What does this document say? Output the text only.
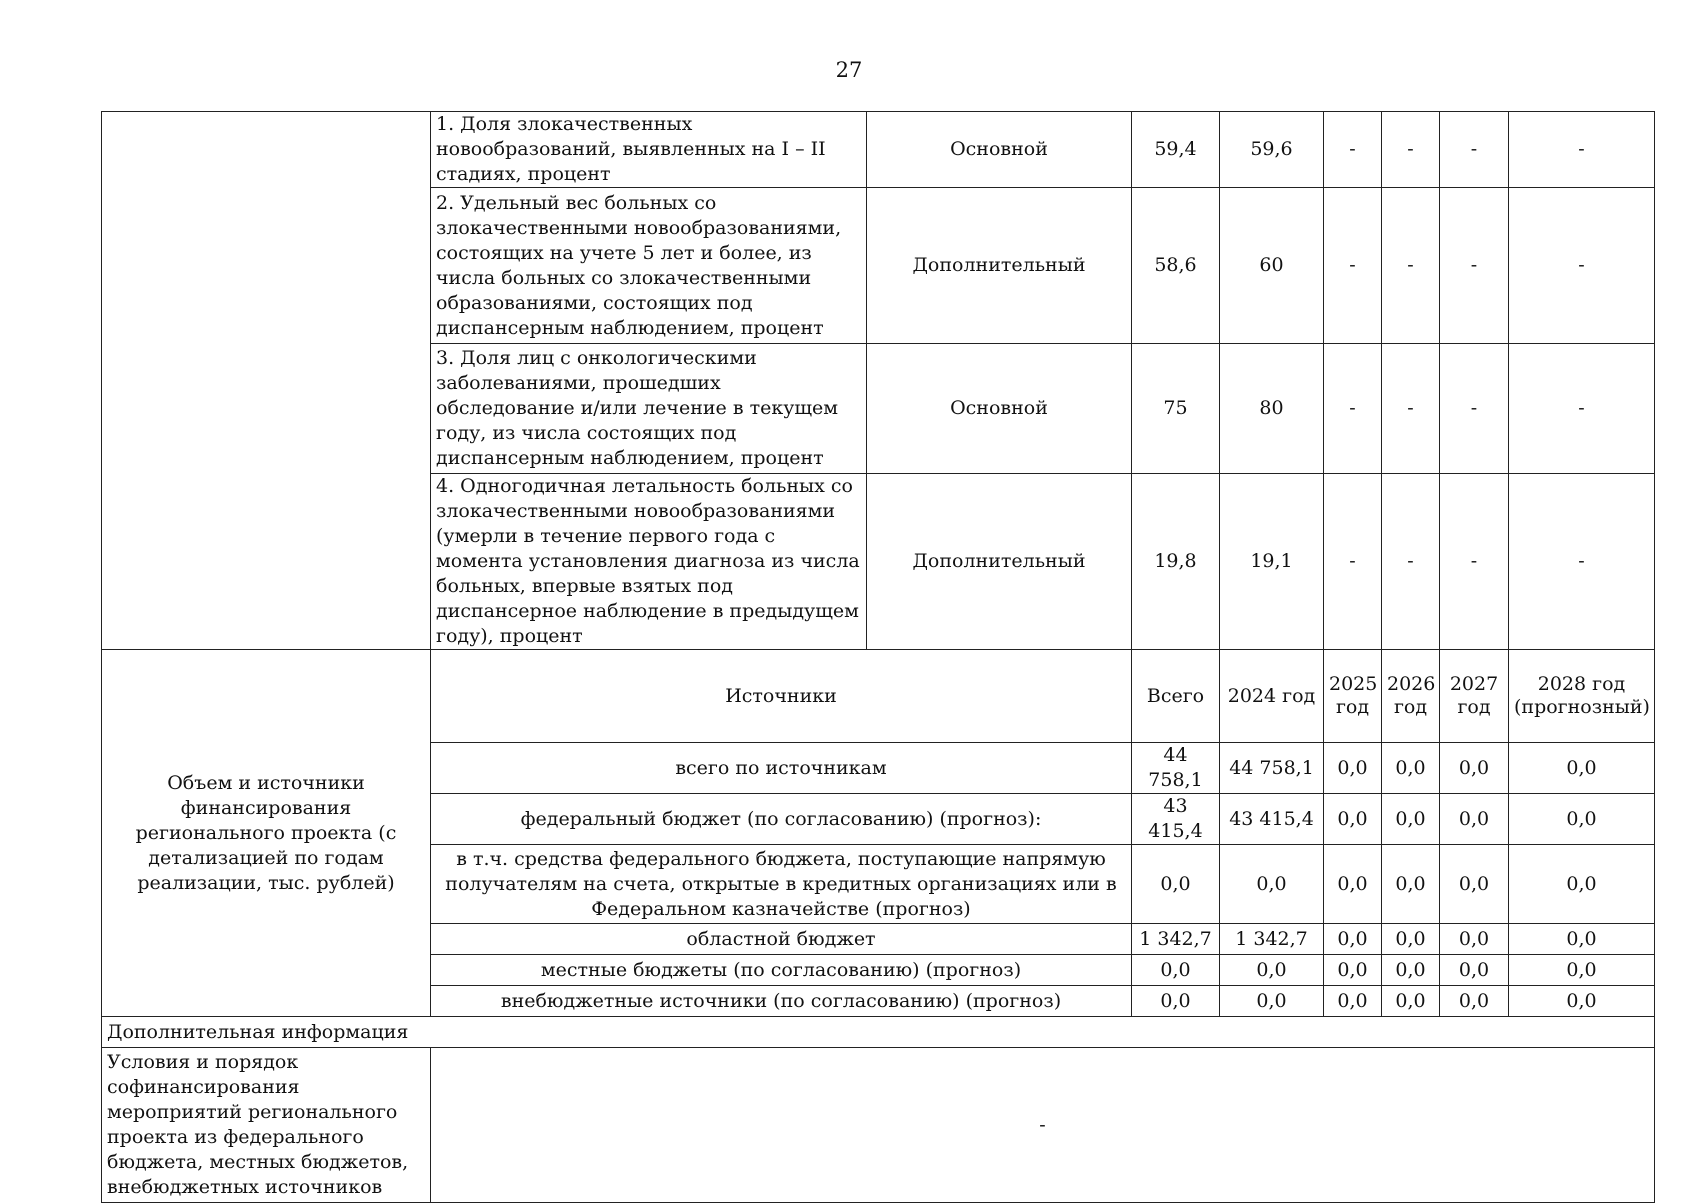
27
	1. Доля злокачественных новообразований, выявленных на I – II стадиях, процент	Основной	59,4	59,6	-	-	-	-
	2. Удельный вес больных со злокачественными новообразованиями, состоящих на учете 5 лет и более, из числа больных со злокачественными образованиями, состоящих под диспансерным наблюдением, процент	Дополнительный	58,6	60	-	-	-	-
	3. Доля лиц с онкологическими заболеваниями, прошедших обследование и/или лечение в текущем году, из числа состоящих под диспансерным наблюдением, процент	Основной	75	80	-	-	-	-
	4. Одногодичная летальность больных со злокачественными новообразованиями (умерли в течение первого года с момента установления диагноза из числа больных, впервые взятых под диспансерное наблюдение в предыдущем году), процент	Дополнительный	19,8	19,1	-	-	-	-
Объем и источники финансирования регионального проекта (с детализацией по годам реализации, тыс. рублей)	Источники		Всего	2024 год	2025 год	2026 год	2027 год	2028 год (прогнозный)
	всего по источникам		44 758,1	44 758,1	0,0	0,0	0,0	0,0
	федеральный бюджет (по согласованию) (прогноз):		43 415,4	43 415,4	0,0	0,0	0,0	0,0
	в т.ч. средства федерального бюджета, поступающие напрямую получателям на счета, открытые в кредитных организациях или в Федеральном казначействе (прогноз)		0,0	0,0	0,0	0,0	0,0	0,0
	областной бюджет		1 342,7	1 342,7	0,0	0,0	0,0	0,0
	местные бюджеты (по согласованию) (прогноз)		0,0	0,0	0,0	0,0	0,0	0,0
	внебюджетные источники (по согласованию) (прогноз)		0,0	0,0	0,0	0,0	0,0	0,0
Дополнительная информация								
Условия и порядок софинансирования мероприятий регионального проекта из федерального бюджета, местных бюджетов, внебюджетных источников	-							
